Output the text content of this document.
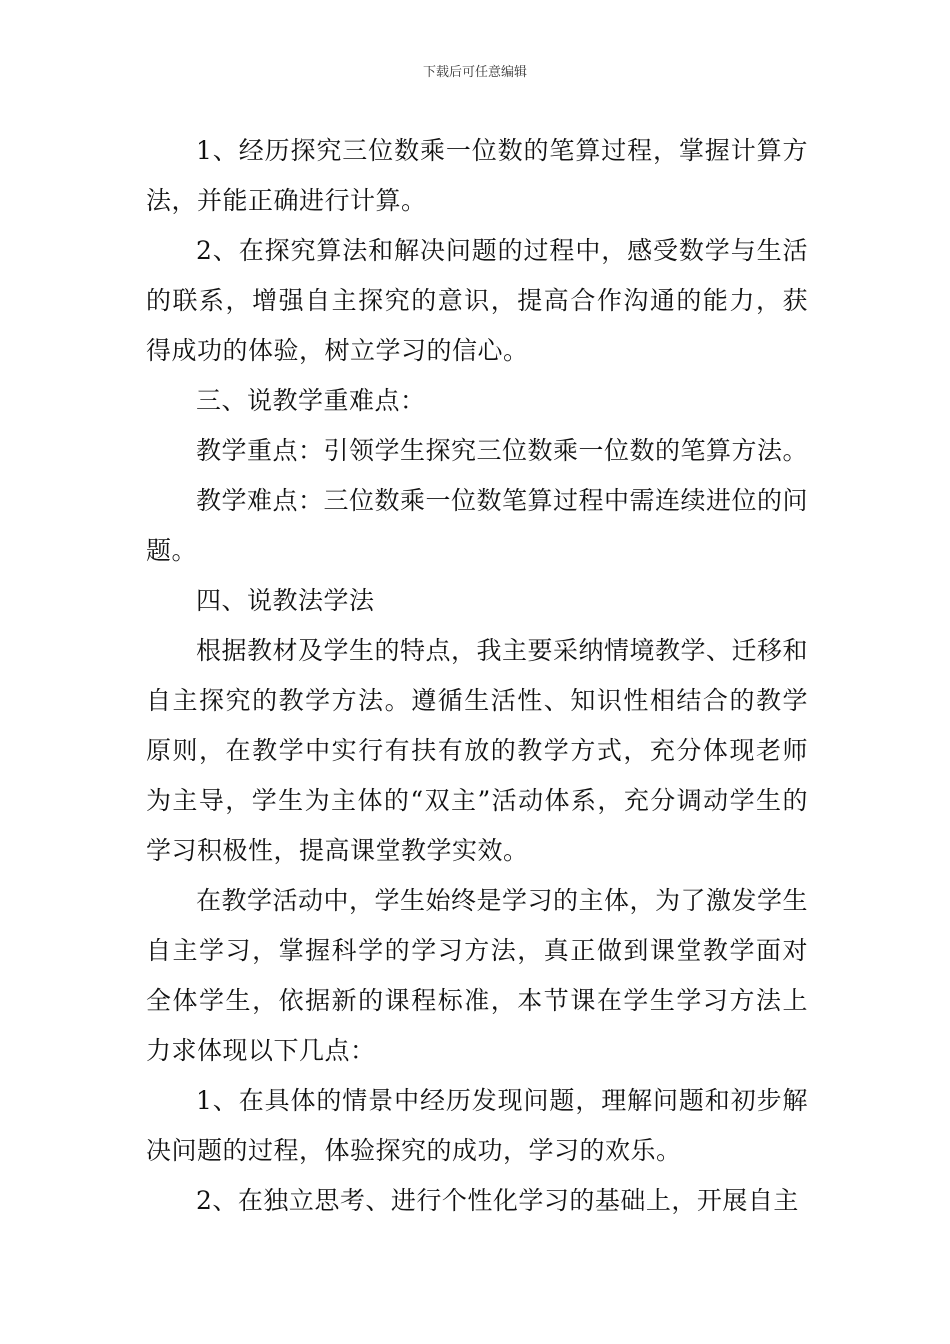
下载后可任意编辑

1、经历探究三位数乘一位数的笔算过程，掌握计算方法，并能正确进行计算。

2、在探究算法和解决问题的过程中，感受数学与生活的联系，增强自主探究的意识，提高合作沟通的能力，获得成功的体验，树立学习的信心。

三、说教学重难点：

教学重点：引领学生探究三位数乘一位数的笔算方法。

教学难点：三位数乘一位数笔算过程中需连续进位的问题。

四、说教法学法

根据教材及学生的特点，我主要采纳情境教学、迁移和自主探究的教学方法。遵循生活性、知识性相结合的教学原则，在教学中实行有扶有放的教学方式，充分体现老师为主导，学生为主体的“双主”活动体系，充分调动学生的学习积极性，提高课堂教学实效。

在教学活动中，学生始终是学习的主体，为了激发学生自主学习，掌握科学的学习方法，真正做到课堂教学面对全体学生，依据新的课程标准，本节课在学生学习方法上力求体现以下几点：

1、在具体的情景中经历发现问题，理解问题和初步解决问题的过程，体验探究的成功，学习的欢乐。

2、在独立思考、进行个性化学习的基础上，开展自主
